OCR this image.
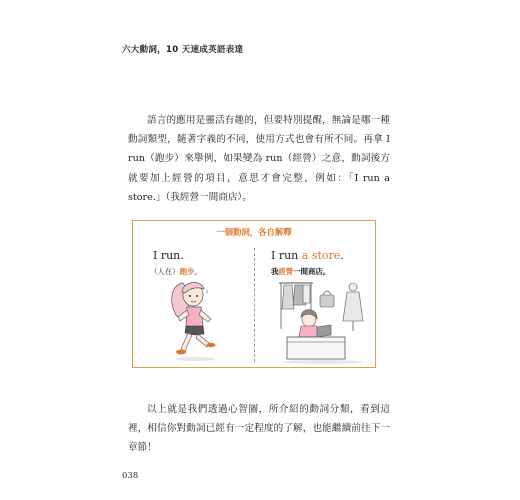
六大動詞，10 天速成英語表達

語言的應用是靈活有趣的，但要特別提醒，無論是哪一種動詞類型，隨著字義的不同，使用方式也會有所不同。再拿 I run（跑步）來舉例，如果變為 run（經營）之意，動詞後方就要加上經營的項目，意思才會完整，例如：「I run a store.」（我經營一間商店）。

一個動詞，各自解釋
I run.
（人在）跑步。
I run a store.
我經營一間商店。

以上就是我們透過心智圖，所介紹的動詞分類，看到這裡，相信你對動詞已經有一定程度的了解，也能繼續前往下一章節！

038
